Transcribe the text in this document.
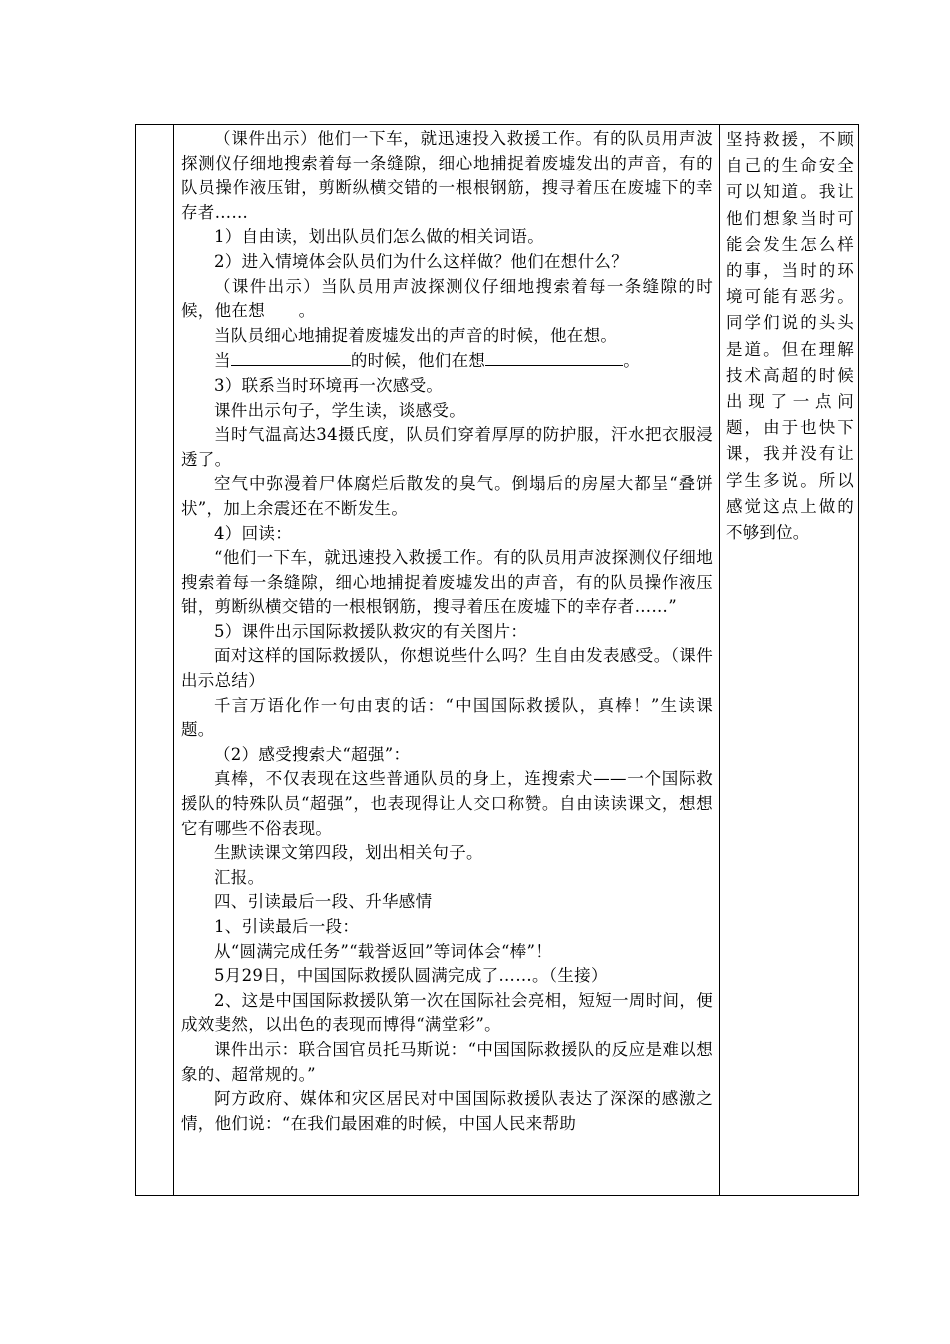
（课件出示）他们一下车，就迅速投入救援工作。有的队员用声波探测仪仔细地搜索着每一条缝隙，细心地捕捉着废墟发出的声音，有的队员操作液压钳，剪断纵横交错的一根根钢筋，搜寻着压在废墟下的幸存者……

1）自由读，划出队员们怎么做的相关词语。

2）进入情境体会队员们为什么这样做？他们在想什么？

（课件出示）当队员用声波探测仪仔细地搜索着每一条缝隙的时候，他在想　　。

当队员细心地捕捉着废墟发出的声音的时候，他在想。

当	的时候，他们在想	。

3）联系当时环境再一次感受。

课件出示句子，学生读，谈感受。

当时气温高达34摄氏度，队员们穿着厚厚的防护服，汗水把衣服浸透了。

空气中弥漫着尸体腐烂后散发的臭气。倒塌后的房屋大都呈“叠饼状”，加上余震还在不断发生。

4）回读：

“他们一下车，就迅速投入救援工作。有的队员用声波探测仪仔细地搜索着每一条缝隙，细心地捕捉着废墟发出的声音，有的队员操作液压钳，剪断纵横交错的一根根钢筋，搜寻着压在废墟下的幸存者……”

5）课件出示国际救援队救灾的有关图片：

面对这样的国际救援队，你想说些什么吗？生自由发表感受。（课件出示总结）

千言万语化作一句由衷的话：“中国国际救援队，真棒！”生读课题。

（2）感受搜索犬“超强”：

真棒，不仅表现在这些普通队员的身上，连搜索犬——一个国际救援队的特殊队员“超强”，也表现得让人交口称赞。自由读读课文，想想它有哪些不俗表现。

生默读课文第四段，划出相关句子。

汇报。

四、引读最后一段、升华感情

1、引读最后一段：

从“圆满完成任务”“载誉返回”等词体会“棒”！

5月29日，中国国际救援队圆满完成了……。（生接）

2、这是中国国际救援队第一次在国际社会亮相，短短一周时间，便成效斐然，以出色的表现而博得“满堂彩”。

课件出示：联合国官员托马斯说：“中国国际救援队的反应是难以想象的、超常规的。”

阿方政府、媒体和灾区居民对中国国际救援队表达了深深的感激之情，他们说：“在我们最困难的时候，中国人民来帮助

坚持救援，不顾自己的生命安全可以知道。我让他们想象当时可能会发生怎么样的事，当时的环境可能有恶劣。同学们说的头头是道。但在理解技术高超的时候出现了一点问题，由于也快下课，我并没有让学生多说。所以感觉这点上做的不够到位。
